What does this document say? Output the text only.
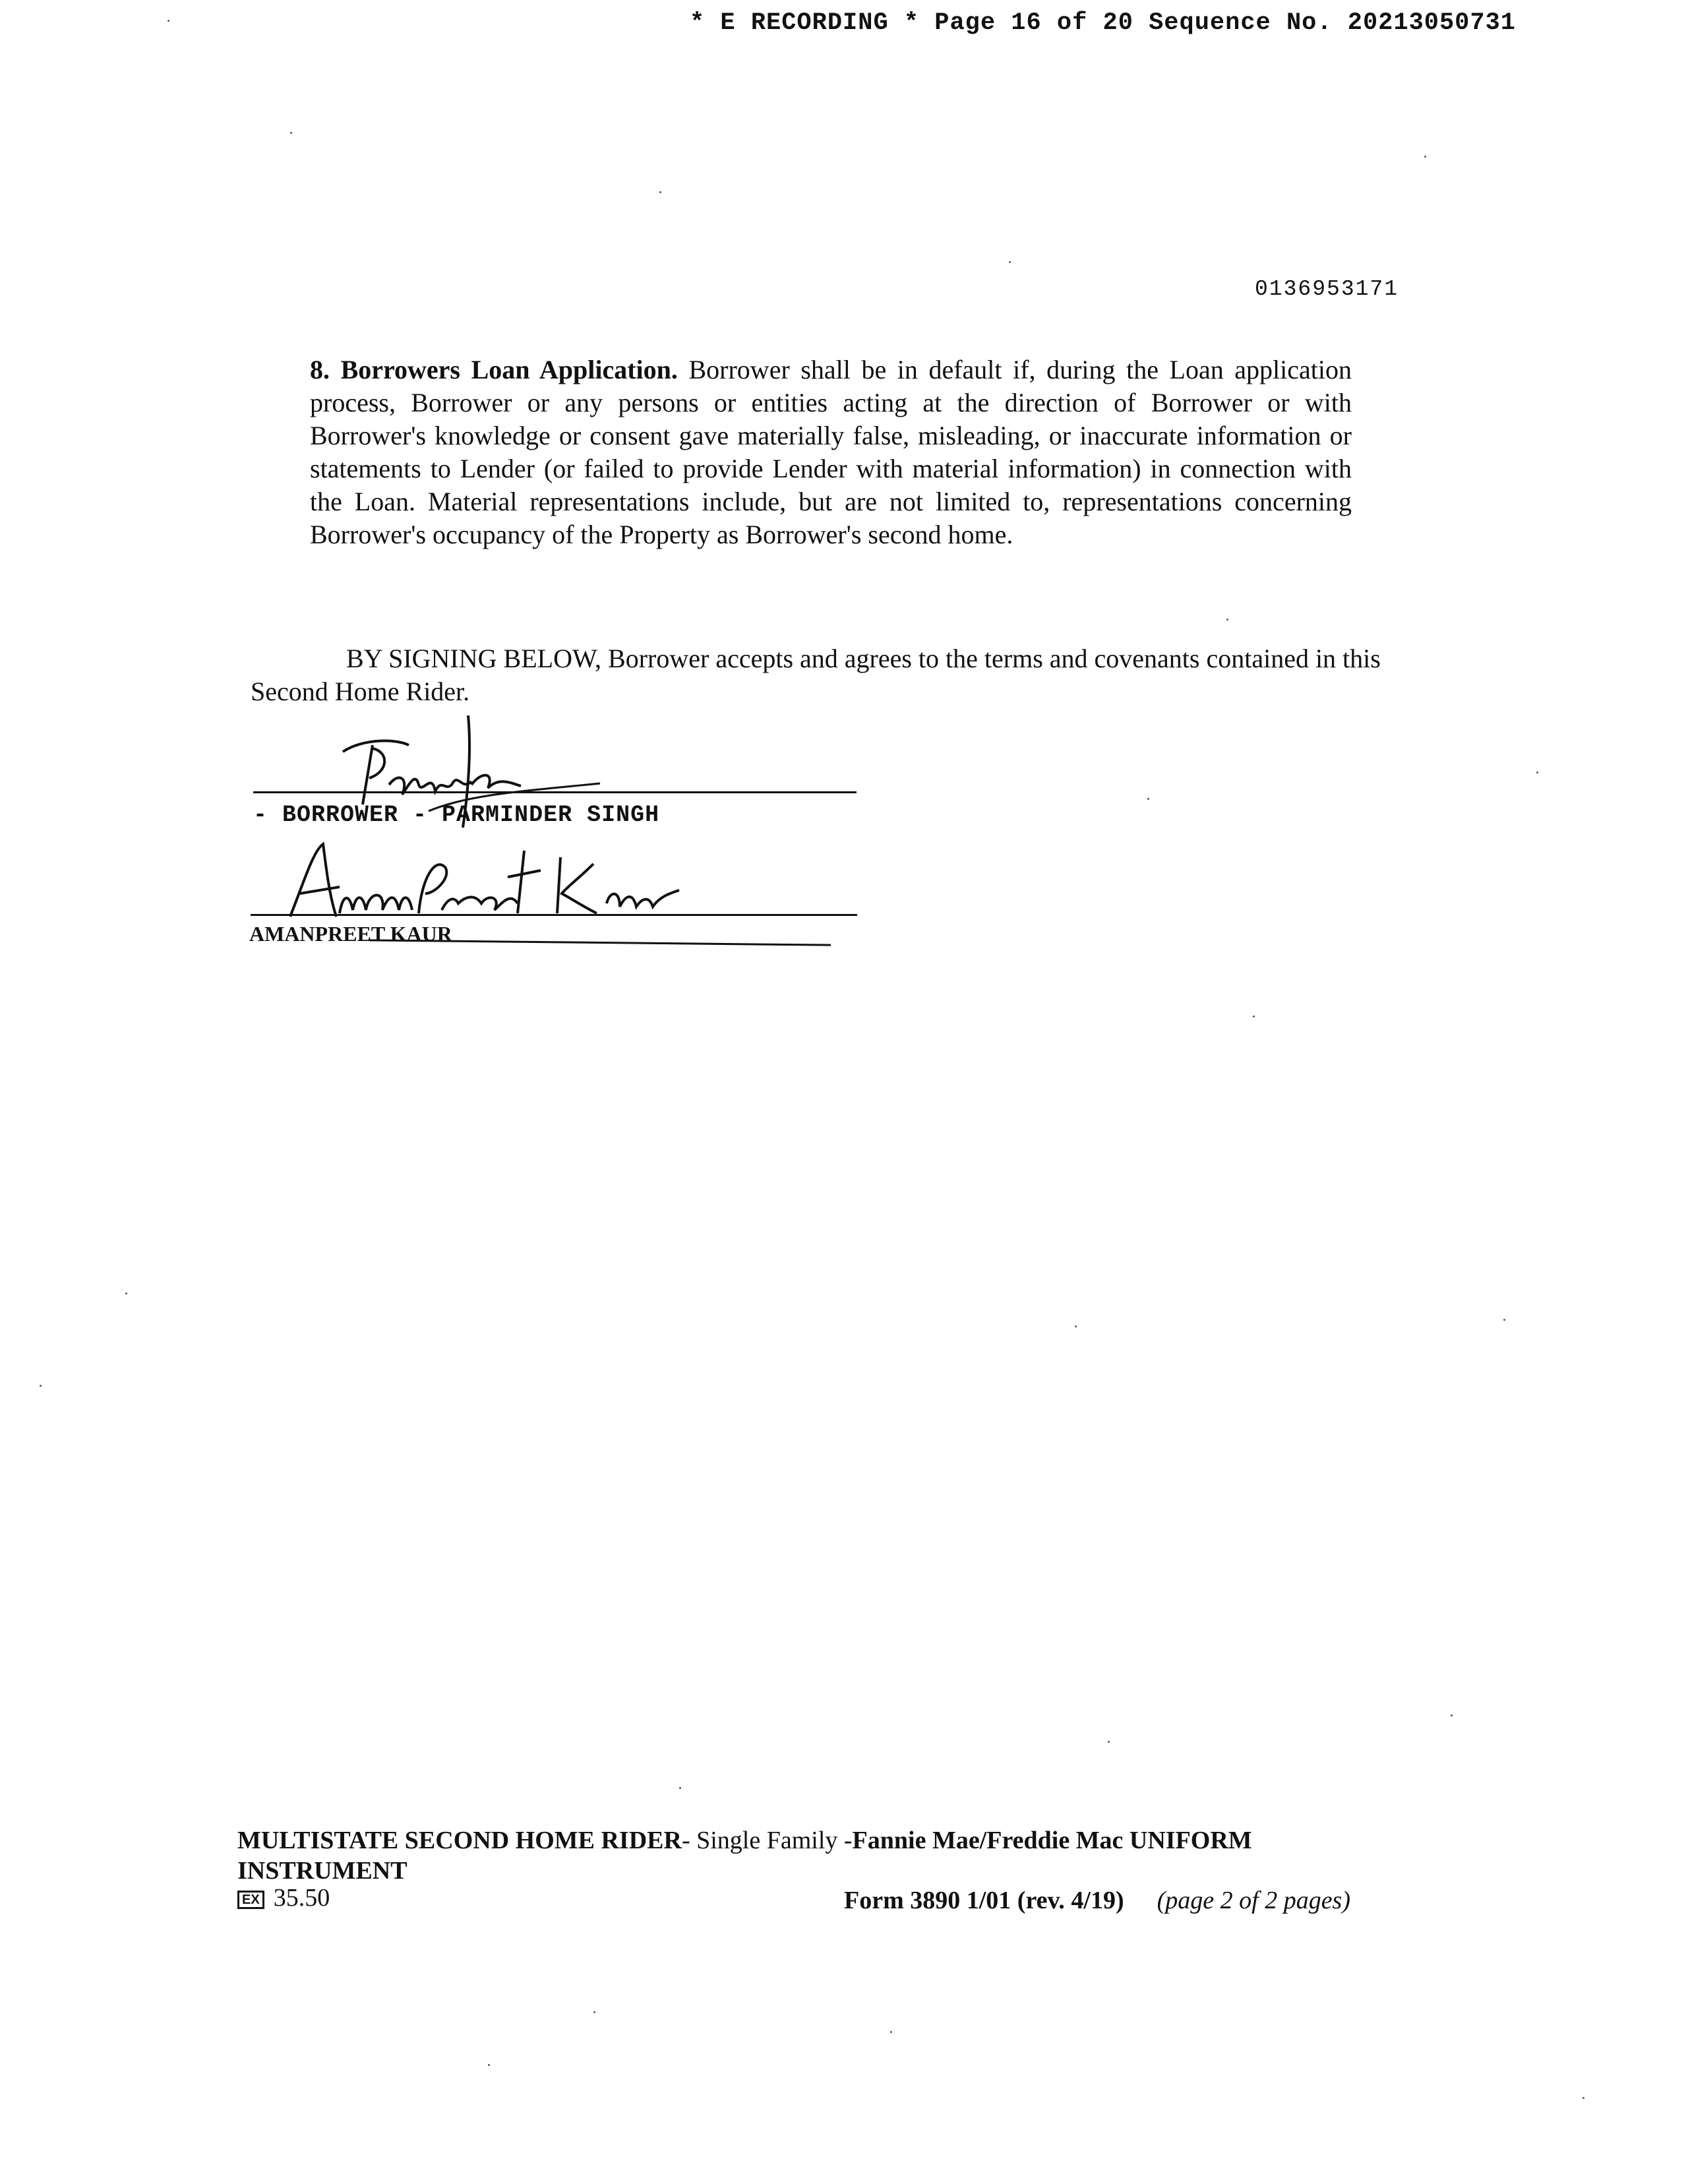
* E RECORDING * Page 16 of 20 Sequence No. 20213050731
0136953171
8. Borrowers Loan Application. Borrower shall be in default if, during the Loan application process, Borrower or any persons or entities acting at the direction of Borrower or with Borrower's knowledge or consent gave materially false, misleading, or inaccurate information or statements to Lender (or failed to provide Lender with material information) in connection with the Loan. Material representations include, but are not limited to, representations concerning Borrower's occupancy of the Property as Borrower's second home.
BY SIGNING BELOW, Borrower accepts and agrees to the terms and covenants contained in this Second Home Rider.
- BORROWER - PARMINDER SINGH
AMANPREET KAUR
MULTISTATE SECOND HOME RIDER- Single Family -Fannie Mae/Freddie Mac UNIFORM INSTRUMENT
EX 35.50	Form 3890 1/01 (rev. 4/19) (page 2 of 2 pages)
